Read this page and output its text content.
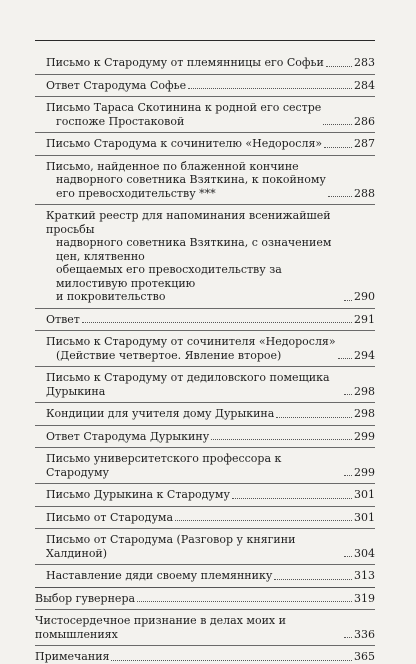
Письмо к Стародуму от племянницы его Софьи	283
Ответ Стародума Софье	284
Письмо Тараса Скотинина к родной его сестре
госпоже Простаковой	286
Письмо Стародума к сочинителю «Недоросля»	287
Письмо, найденное по блаженной кончине
надворного советника Взяткина, к покойному
его превосходительству ***	288
Краткий реестр для напоминания всенижайшей просьбы
надворного советника Взяткина, с означением цен, клятвенно
обещаемых его превосходительству за милостивую протекцию
и покровительство	290
Ответ	291
Письмо к Стародуму от сочинителя «Недоросля»
(Действие четвертое. Явление второе)	294
Письмо к Стародуму от дедиловского помещика Дурыкина	298
Кондиции для учителя дому Дурыкина	298
Ответ Стародума Дурыкину	299
Письмо университетского профессора к Стародуму	299
Письмо Дурыкина к Стародуму	301
Письмо от Стародума	301
Письмо от Стародума (Разговор у княгини Халдиной)	304
Наставление дяди своему племяннику	313
Выбор гувернера	319
Чистосердечное признание в делах моих и помышлениях	336
Примечания	365
